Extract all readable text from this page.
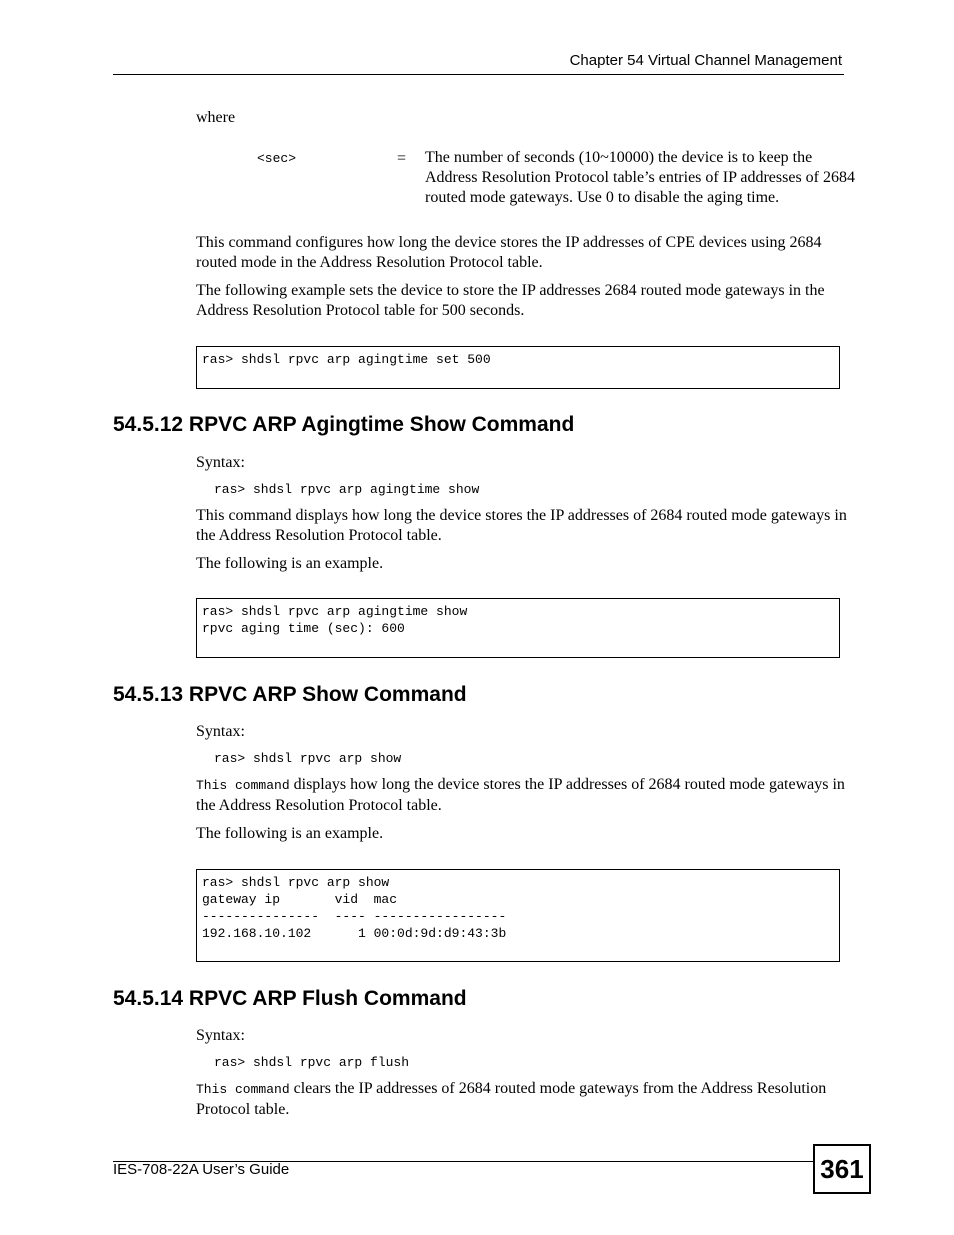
Chapter 54 Virtual Channel Management
where
<sec>	= The number of seconds (10~10000) the device is to keep the Address Resolution Protocol table’s entries of IP addresses of 2684 routed mode gateways. Use 0 to disable the aging time.
This command configures how long the device stores the IP addresses of CPE devices using 2684 routed mode in the Address Resolution Protocol table.
The following example sets the device to store the IP addresses 2684 routed mode gateways in the Address Resolution Protocol table for 500 seconds.
ras> shdsl rpvc arp agingtime set 500
54.5.12 RPVC ARP Agingtime Show Command
Syntax:
ras> shdsl rpvc arp agingtime show
This command displays how long the device stores the IP addresses of 2684 routed mode gateways in the Address Resolution Protocol table.
The following is an example.
ras> shdsl rpvc arp agingtime show
rpvc aging time (sec): 600
54.5.13 RPVC ARP Show Command
Syntax:
ras> shdsl rpvc arp show
This command displays how long the device stores the IP addresses of 2684 routed mode gateways in the Address Resolution Protocol table.
The following is an example.
ras> shdsl rpvc arp show
gateway ip       vid  mac
---------------  ---- -----------------
192.168.10.102      1 00:0d:9d:d9:43:3b
54.5.14 RPVC ARP Flush Command
Syntax:
ras> shdsl rpvc arp flush
This command clears the IP addresses of 2684 routed mode gateways from the Address Resolution Protocol table.
IES-708-22A User’s Guide	361
